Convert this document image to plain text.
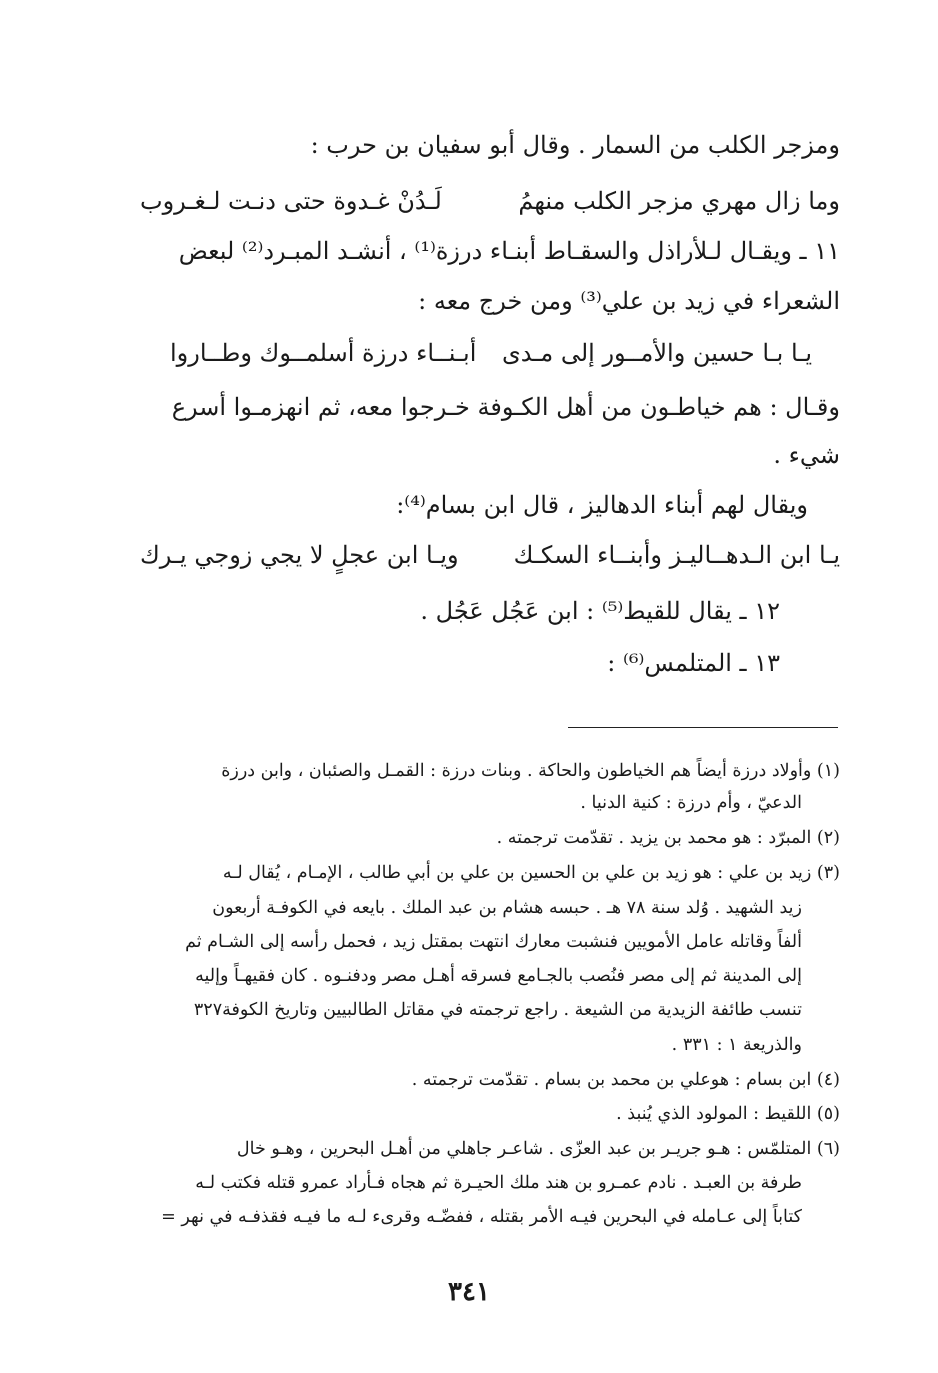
ومزجر الكلب من السمار . وقال أبو سفيان بن حرب :
وما زال مهري مزجر الكلب منهمُ
لَـدُنْ غـدوة حتى دنـت لـغـروب
١١ ـ ويقـال لـلأراذل والسقـاط أبنـاء درزة⁽¹⁾ ، أنشـد المبـرد⁽²⁾ لبعض
الشعراء في زيد بن علي⁽³⁾ ومن خرج معه :
يـا بـا حسين والأمــور إلى مـدى
أبـنــاء درزة أسلمــوك وطــاروا
وقـال : هم خياطـون من أهل الكـوفة خـرجوا معه، ثم انهزمـوا أسرع
شيء .
ويقال لهم أبناء الدهاليز ، قال ابن بسام⁽⁴⁾:
يـا ابن الـدهــاليـز وأبنــاء السكـك
ويـا ابن عجلٍ لا يجي زوجي يـرك
١٢ ـ يقال للقيط⁽⁵⁾ : ابن عَجُل عَجُل .
١٣ ـ المتلمس⁽⁶⁾ :
(١) وأولاد درزة أيضاً هم الخياطون والحاكة . وبنات درزة : القمـل والصئبان ، وابن درزة
الدعيّ ، وأم درزة : كنية الدنيا .
(٢) المبرّد : هو محمد بن يزيد . تقدّمت ترجمته .
(٣) زيد بن علي : هو زيد بن علي بن الحسين بن علي بن أبي طالب ، الإمـام ، يُقال لـه
زيد الشهيد . وُلد سنة ٧٨ هـ . حبسه هشام بن عبد الملك . بايعه في الكوفـة أربعون
ألفاً وقاتله عامل الأمويين فنشبت معارك انتهت بمقتل زيد ، فحمل رأسه إلى الشـام ثم
إلى المدينة ثم إلى مصر فنُصب بالجـامع فسرقه أهـل مصر ودفنـوه . كان فقيهـاً وإليه
تنسب طائفة الزيدية من الشيعة . راجع ترجمته في مقاتل الطالبيين وتاريخ الكوفة٣٢٧
والذريعة ١ : ٣٣١ .
(٤) ابن بسام : هوعلي بن محمد بن بسام . تقدّمت ترجمته .
(٥) اللقيط : المولود الذي يُنبذ .
(٦) المتلمّس : هـو جريـر بن عبد العزّى . شاعـر جاهلي من أهـل البحرين ، وهـو خال
طرفة بن العبـد . نادم عمـرو بن هند ملك الحيـرة ثم هجاه فـأراد عمرو قتله فكتب لـه
كتاباً إلى عـامله في البحرين فيـه الأمر بقتله ، ففضّـه وقرىء لـه ما فيـه فقذفـه في نهر =
٣٤١
